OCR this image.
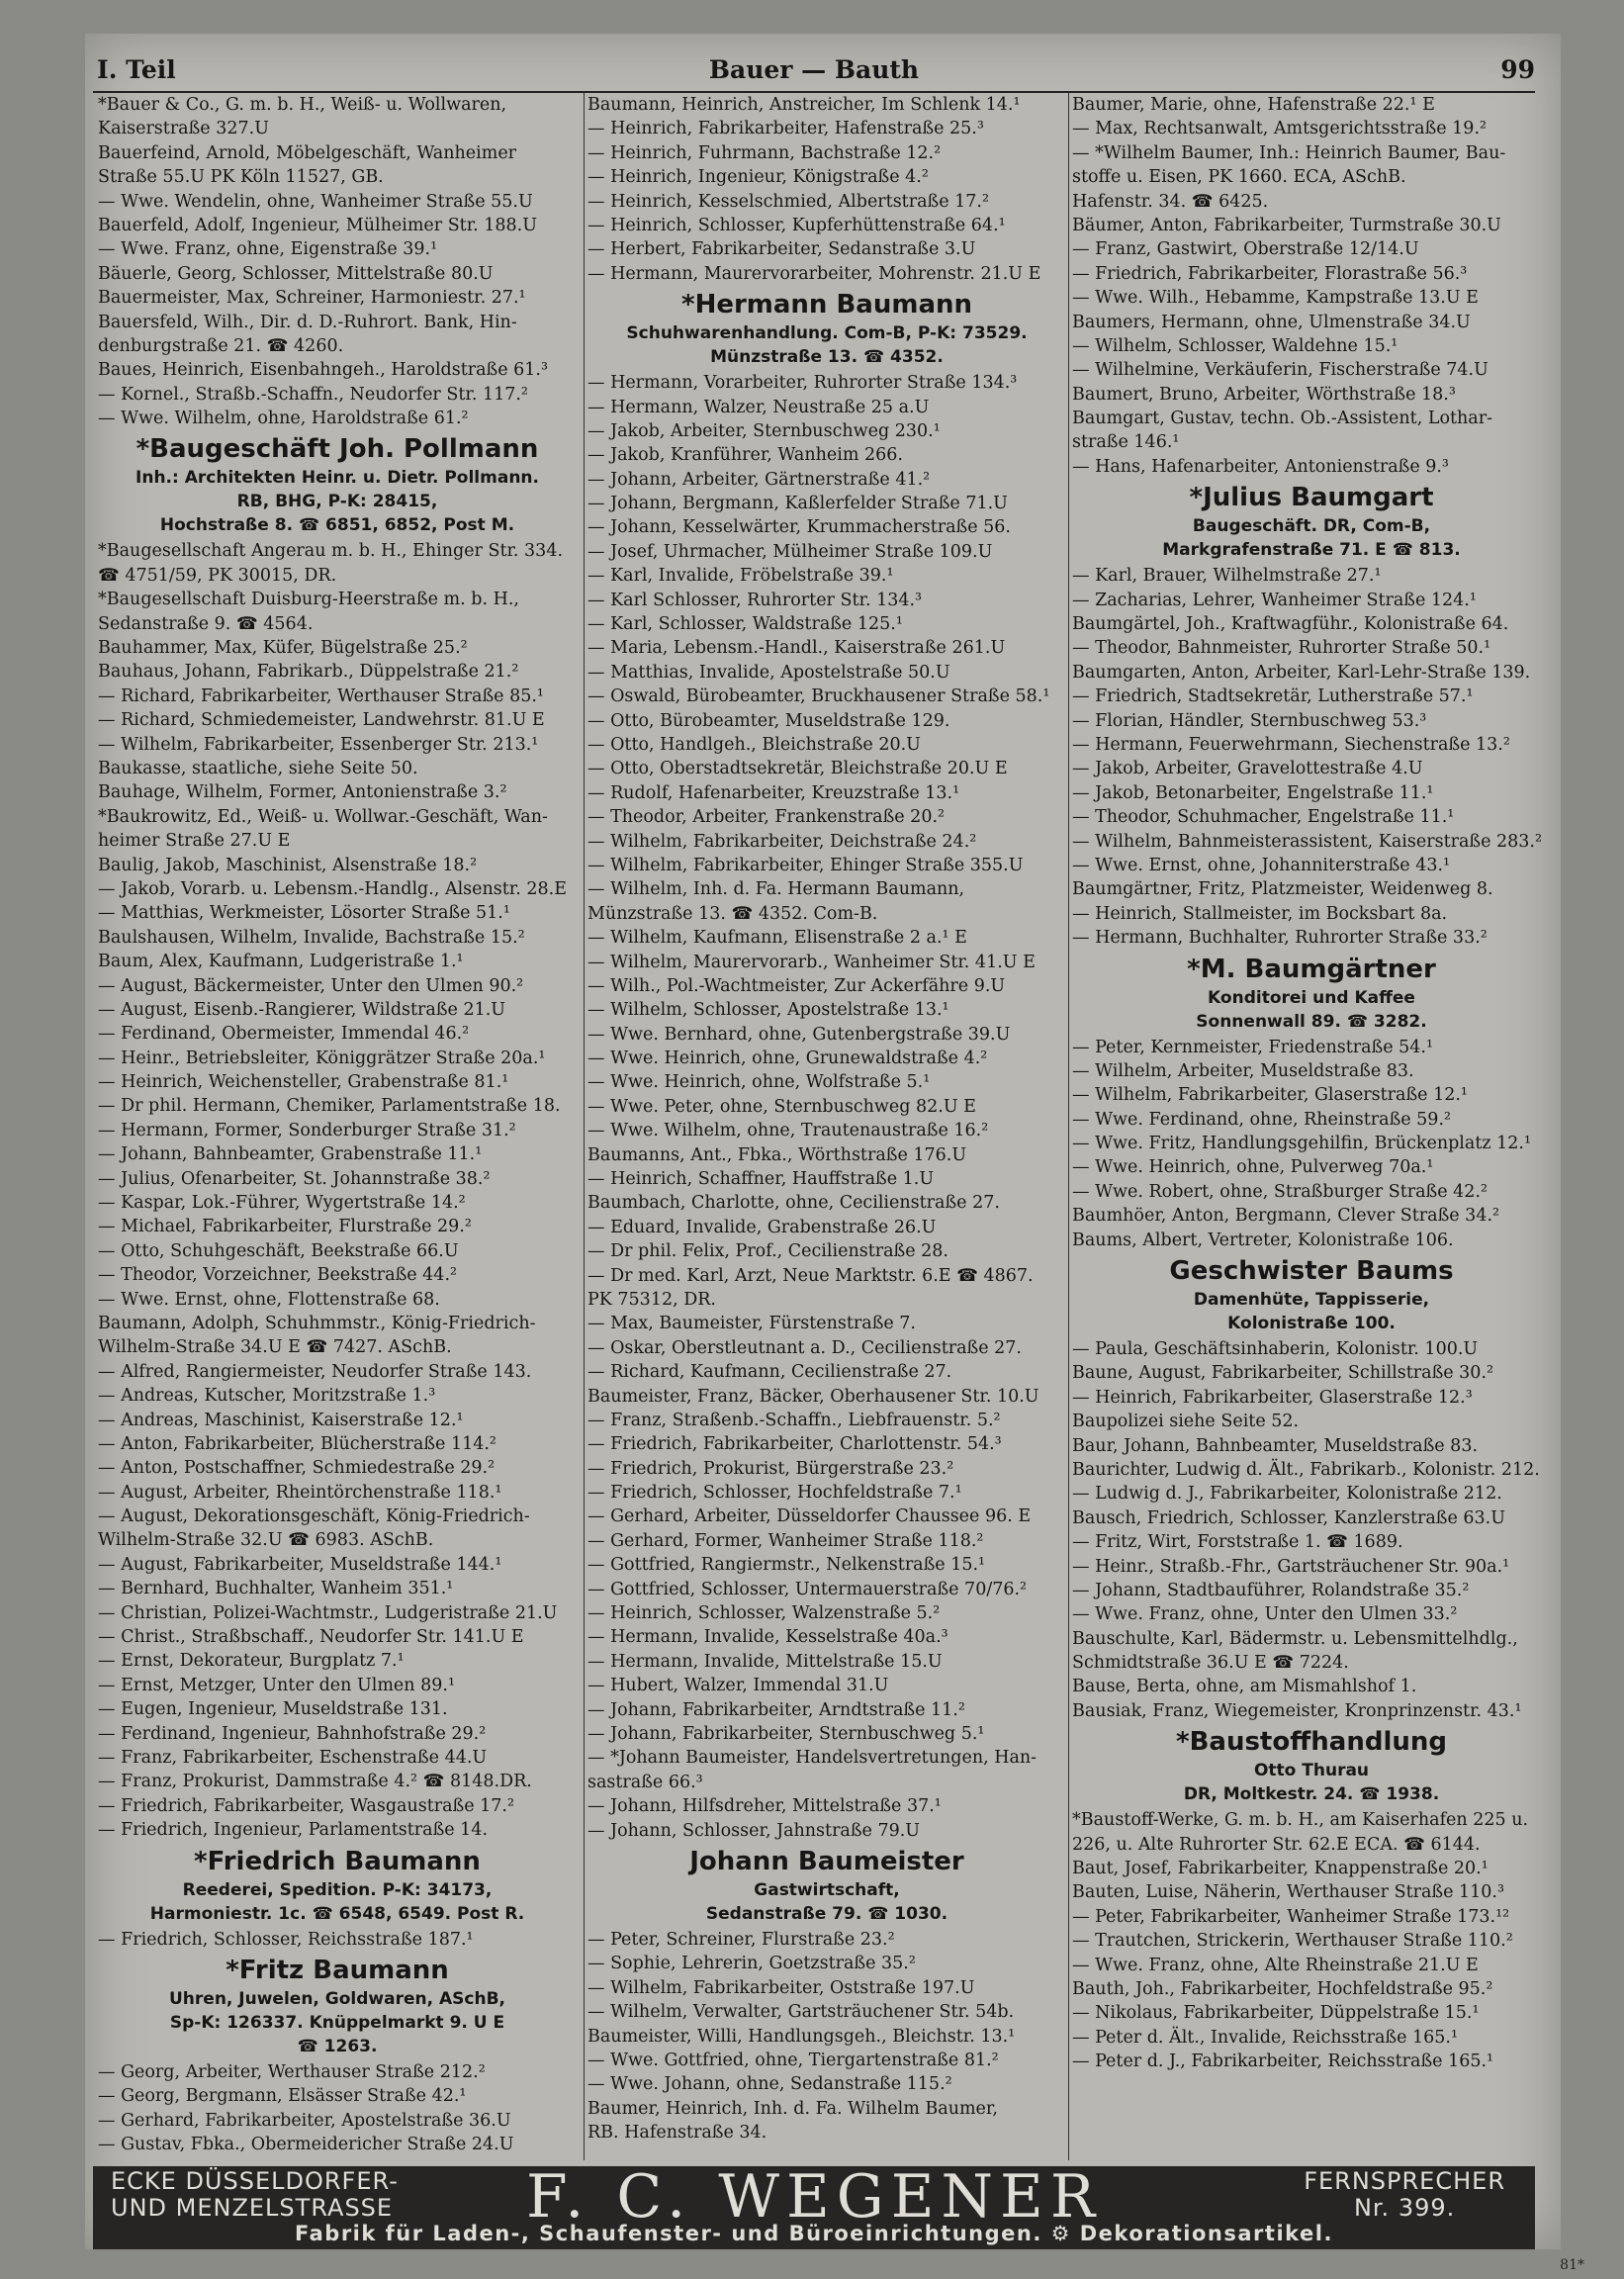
I. Teil	Bauer — Bauth	99
*Bauer & Co., G. m. b. H., Weiß- u. Wollwaren,
Kaiserstraße 327.U
Bauerfeind, Arnold, Möbelgeschäft, Wanheimer
Straße 55.U PK Köln 11527, GB.
— Wwe. Wendelin, ohne, Wanheimer Straße 55.U
Bauerfeld, Adolf, Ingenieur, Mülheimer Str. 188.U
— Wwe. Franz, ohne, Eigenstraße 39.¹
Bäuerle, Georg, Schlosser, Mittelstraße 80.U
Bauermeister, Max, Schreiner, Harmoniestr. 27.¹
Bauersfeld, Wilh., Dir. d. D.-Ruhrort. Bank, Hin-
denburgstraße 21. ☎ 4260.
Baues, Heinrich, Eisenbahngeh., Haroldstraße 61.³
— Kornel., Straßb.-Schaffn., Neudorfer Str. 117.²
— Wwe. Wilhelm, ohne, Haroldstraße 61.²
*Baugeschäft Joh. Pollmann
Inh.: Architekten Heinr. u. Dietr. Pollmann.
RB, BHG, P-K: 28415,
Hochstraße 8. ☎ 6851, 6852, Post M.
*Baugesellschaft Angerau m. b. H., Ehinger Str. 334.
☎ 4751/59, PK 30015, DR.
*Baugesellschaft Duisburg-Heerstraße m. b. H.,
Sedanstraße 9. ☎ 4564.
Bauhammer, Max, Küfer, Bügelstraße 25.²
Bauhaus, Johann, Fabrikarb., Düppelstraße 21.²
— Richard, Fabrikarbeiter, Werthauser Straße 85.¹
— Richard, Schmiedemeister, Landwehrstr. 81.U E
— Wilhelm, Fabrikarbeiter, Essenberger Str. 213.¹
Baukasse, staatliche, siehe Seite 50.
Bauhage, Wilhelm, Former, Antonienstraße 3.²
*Baukrowitz, Ed., Weiß- u. Wollwar.-Geschäft, Wan-
heimer Straße 27.U E
Baulig, Jakob, Maschinist, Alsenstraße 18.²
— Jakob, Vorarb. u. Lebensm.-Handlg., Alsenstr. 28.E
— Matthias, Werkmeister, Lösorter Straße 51.¹
Baulshausen, Wilhelm, Invalide, Bachstraße 15.²
Baum, Alex, Kaufmann, Ludgeristraße 1.¹
— August, Bäckermeister, Unter den Ulmen 90.²
— August, Eisenb.-Rangierer, Wildstraße 21.U
— Ferdinand, Obermeister, Immendal 46.²
— Heinr., Betriebsleiter, Königgrätzer Straße 20a.¹
— Heinrich, Weichensteller, Grabenstraße 81.¹
— Dr phil. Hermann, Chemiker, Parlamentstraße 18.
— Hermann, Former, Sonderburger Straße 31.²
— Johann, Bahnbeamter, Grabenstraße 11.¹
— Julius, Ofenarbeiter, St. Johannstraße 38.²
— Kaspar, Lok.-Führer, Wygertstraße 14.²
— Michael, Fabrikarbeiter, Flurstraße 29.²
— Otto, Schuhgeschäft, Beekstraße 66.U
— Theodor, Vorzeichner, Beekstraße 44.²
— Wwe. Ernst, ohne, Flottenstraße 68.
Baumann, Adolph, Schuhmmstr., König-Friedrich-
Wilhelm-Straße 34.U E ☎ 7427. ASchB.
— Alfred, Rangiermeister, Neudorfer Straße 143.
— Andreas, Kutscher, Moritzstraße 1.³
— Andreas, Maschinist, Kaiserstraße 12.¹
— Anton, Fabrikarbeiter, Blücherstraße 114.²
— Anton, Postschaffner, Schmiedestraße 29.²
— August, Arbeiter, Rheintörchenstraße 118.¹
— August, Dekorationsgeschäft, König-Friedrich-
Wilhelm-Straße 32.U ☎ 6983. ASchB.
— August, Fabrikarbeiter, Museldstraße 144.¹
— Bernhard, Buchhalter, Wanheim 351.¹
— Christian, Polizei-Wachtmstr., Ludgeristraße 21.U
— Christ., Straßbschaff., Neudorfer Str. 141.U E
— Ernst, Dekorateur, Burgplatz 7.¹
— Ernst, Metzger, Unter den Ulmen 89.¹
— Eugen, Ingenieur, Museldstraße 131.
— Ferdinand, Ingenieur, Bahnhofstraße 29.²
— Franz, Fabrikarbeiter, Eschenstraße 44.U
— Franz, Prokurist, Dammstraße 4.² ☎ 8148.DR.
— Friedrich, Fabrikarbeiter, Wasgaustraße 17.²
— Friedrich, Ingenieur, Parlamentstraße 14.
*Friedrich Baumann
Reederei, Spedition. P-K: 34173,
Harmoniestr. 1c. ☎ 6548, 6549. Post R.
— Friedrich, Schlosser, Reichsstraße 187.¹
*Fritz Baumann
Uhren, Juwelen, Goldwaren, ASchB,
Sp-K: 126337. Knüppelmarkt 9. U E
☎ 1263.
— Georg, Arbeiter, Werthauser Straße 212.²
— Georg, Bergmann, Elsässer Straße 42.¹
— Gerhard, Fabrikarbeiter, Apostelstraße 36.U
— Gustav, Fbka., Obermeidericher Straße 24.U
Baumann, Heinrich, Anstreicher, Im Schlenk 14.¹
— Heinrich, Fabrikarbeiter, Hafenstraße 25.³
— Heinrich, Fuhrmann, Bachstraße 12.²
— Heinrich, Ingenieur, Königstraße 4.²
— Heinrich, Kesselschmied, Albertstraße 17.²
— Heinrich, Schlosser, Kupferhüttenstraße 64.¹
— Herbert, Fabrikarbeiter, Sedanstraße 3.U
— Hermann, Maurervorarbeiter, Mohrenstr. 21.U E
*Hermann Baumann
Schuhwarenhandlung. Com-B, P-K: 73529.
Münzstraße 13. ☎ 4352.
— Hermann, Vorarbeiter, Ruhrorter Straße 134.³
— Hermann, Walzer, Neustraße 25 a.U
— Jakob, Arbeiter, Sternbuschweg 230.¹
— Jakob, Kranführer, Wanheim 266.
— Johann, Arbeiter, Gärtnerstraße 41.²
— Johann, Bergmann, Kaßlerfelder Straße 71.U
— Johann, Kesselwärter, Krummacherstraße 56.
— Josef, Uhrmacher, Mülheimer Straße 109.U
— Karl, Invalide, Fröbelstraße 39.¹
— Karl Schlosser, Ruhrorter Str. 134.³
— Karl, Schlosser, Waldstraße 125.¹
— Maria, Lebensm.-Handl., Kaiserstraße 261.U
— Matthias, Invalide, Apostelstraße 50.U
— Oswald, Bürobeamter, Bruckhausener Straße 58.¹
— Otto, Bürobeamter, Museldstraße 129.
— Otto, Handlgeh., Bleichstraße 20.U
— Otto, Oberstadtsekretär, Bleichstraße 20.U E
— Rudolf, Hafenarbeiter, Kreuzstraße 13.¹
— Theodor, Arbeiter, Frankenstraße 20.²
— Wilhelm, Fabrikarbeiter, Deichstraße 24.²
— Wilhelm, Fabrikarbeiter, Ehinger Straße 355.U
— Wilhelm, Inh. d. Fa. Hermann Baumann,
Münzstraße 13. ☎ 4352. Com-B.
— Wilhelm, Kaufmann, Elisenstraße 2 a.¹ E
— Wilhelm, Maurervorarb., Wanheimer Str. 41.U E
— Wilh., Pol.-Wachtmeister, Zur Ackerfähre 9.U
— Wilhelm, Schlosser, Apostelstraße 13.¹
— Wwe. Bernhard, ohne, Gutenbergstraße 39.U
— Wwe. Heinrich, ohne, Grunewaldstraße 4.²
— Wwe. Heinrich, ohne, Wolfstraße 5.¹
— Wwe. Peter, ohne, Sternbuschweg 82.U E
— Wwe. Wilhelm, ohne, Trautenaustraße 16.²
Baumanns, Ant., Fbka., Wörthstraße 176.U
— Heinrich, Schaffner, Hauffstraße 1.U
Baumbach, Charlotte, ohne, Cecilienstraße 27.
— Eduard, Invalide, Grabenstraße 26.U
— Dr phil. Felix, Prof., Cecilienstraße 28.
— Dr med. Karl, Arzt, Neue Marktstr. 6.E ☎ 4867.
PK 75312, DR.
— Max, Baumeister, Fürstenstraße 7.
— Oskar, Oberstleutnant a. D., Cecilienstraße 27.
— Richard, Kaufmann, Cecilienstraße 27.
Baumeister, Franz, Bäcker, Oberhausener Str. 10.U
— Franz, Straßenb.-Schaffn., Liebfrauenstr. 5.²
— Friedrich, Fabrikarbeiter, Charlottenstr. 54.³
— Friedrich, Prokurist, Bürgerstraße 23.²
— Friedrich, Schlosser, Hochfeldstraße 7.¹
— Gerhard, Arbeiter, Düsseldorfer Chaussee 96. E
— Gerhard, Former, Wanheimer Straße 118.²
— Gottfried, Rangiermstr., Nelkenstraße 15.¹
— Gottfried, Schlosser, Untermauerstraße 70/76.²
— Heinrich, Schlosser, Walzenstraße 5.²
— Hermann, Invalide, Kesselstraße 40a.³
— Hermann, Invalide, Mittelstraße 15.U
— Hubert, Walzer, Immendal 31.U
— Johann, Fabrikarbeiter, Arndtstraße 11.²
— Johann, Fabrikarbeiter, Sternbuschweg 5.¹
— *Johann Baumeister, Handelsvertretungen, Han-
sastraße 66.³
— Johann, Hilfsdreher, Mittelstraße 37.¹
— Johann, Schlosser, Jahnstraße 79.U
Johann Baumeister
Gastwirtschaft,
Sedanstraße 79. ☎ 1030.
— Peter, Schreiner, Flurstraße 23.²
— Sophie, Lehrerin, Goetzstraße 35.²
— Wilhelm, Fabrikarbeiter, Oststraße 197.U
— Wilhelm, Verwalter, Gartsträuchener Str. 54b.
Baumeister, Willi, Handlungsgeh., Bleichstr. 13.¹
— Wwe. Gottfried, ohne, Tiergartenstraße 81.²
— Wwe. Johann, ohne, Sedanstraße 115.²
Baumer, Heinrich, Inh. d. Fa. Wilhelm Baumer,
RB. Hafenstraße 34.
Baumer, Marie, ohne, Hafenstraße 22.¹ E
— Max, Rechtsanwalt, Amtsgerichtsstraße 19.²
— *Wilhelm Baumer, Inh.: Heinrich Baumer, Bau-
stoffe u. Eisen, PK 1660. ECA, ASchB.
Hafenstr. 34. ☎ 6425.
Bäumer, Anton, Fabrikarbeiter, Turmstraße 30.U
— Franz, Gastwirt, Oberstraße 12/14.U
— Friedrich, Fabrikarbeiter, Florastraße 56.³
— Wwe. Wilh., Hebamme, Kampstraße 13.U E
Baumers, Hermann, ohne, Ulmenstraße 34.U
— Wilhelm, Schlosser, Waldehne 15.¹
— Wilhelmine, Verkäuferin, Fischerstraße 74.U
Baumert, Bruno, Arbeiter, Wörthstraße 18.³
Baumgart, Gustav, techn. Ob.-Assistent, Lothar-
straße 146.¹
— Hans, Hafenarbeiter, Antonienstraße 9.³
*Julius Baumgart
Baugeschäft. DR, Com-B,
Markgrafenstraße 71. E ☎ 813.
— Karl, Brauer, Wilhelmstraße 27.¹
— Zacharias, Lehrer, Wanheimer Straße 124.¹
Baumgärtel, Joh., Kraftwagführ., Kolonistraße 64.
— Theodor, Bahnmeister, Ruhrorter Straße 50.¹
Baumgarten, Anton, Arbeiter, Karl-Lehr-Straße 139.
— Friedrich, Stadtsekretär, Lutherstraße 57.¹
— Florian, Händler, Sternbuschweg 53.³
— Hermann, Feuerwehrmann, Siechenstraße 13.²
— Jakob, Arbeiter, Gravelottestraße 4.U
— Jakob, Betonarbeiter, Engelstraße 11.¹
— Theodor, Schuhmacher, Engelstraße 11.¹
— Wilhelm, Bahnmeisterassistent, Kaiserstraße 283.²
— Wwe. Ernst, ohne, Johanniterstraße 43.¹
Baumgärtner, Fritz, Platzmeister, Weidenweg 8.
— Heinrich, Stallmeister, im Bocksbart 8a.
— Hermann, Buchhalter, Ruhrorter Straße 33.²
*M. Baumgärtner
Konditorei und Kaffee
Sonnenwall 89. ☎ 3282.
— Peter, Kernmeister, Friedenstraße 54.¹
— Wilhelm, Arbeiter, Museldstraße 83.
— Wilhelm, Fabrikarbeiter, Glaserstraße 12.¹
— Wwe. Ferdinand, ohne, Rheinstraße 59.²
— Wwe. Fritz, Handlungsgehilfin, Brückenplatz 12.¹
— Wwe. Heinrich, ohne, Pulverweg 70a.¹
— Wwe. Robert, ohne, Straßburger Straße 42.²
Baumhöer, Anton, Bergmann, Clever Straße 34.²
Baums, Albert, Vertreter, Kolonistraße 106.
Geschwister Baums
Damenhüte, Tappisserie,
Kolonistraße 100.
— Paula, Geschäftsinhaberin, Kolonistr. 100.U
Baune, August, Fabrikarbeiter, Schillstraße 30.²
— Heinrich, Fabrikarbeiter, Glaserstraße 12.³
Baupolizei siehe Seite 52.
Baur, Johann, Bahnbeamter, Museldstraße 83.
Baurichter, Ludwig d. Ält., Fabrikarb., Kolonistr. 212.
— Ludwig d. J., Fabrikarbeiter, Kolonistraße 212.
Bausch, Friedrich, Schlosser, Kanzlerstraße 63.U
— Fritz, Wirt, Forststraße 1. ☎ 1689.
— Heinr., Straßb.-Fhr., Gartsträuchener Str. 90a.¹
— Johann, Stadtbauführer, Rolandstraße 35.²
— Wwe. Franz, ohne, Unter den Ulmen 33.²
Bauschulte, Karl, Bädermstr. u. Lebensmittelhdlg.,
Schmidtstraße 36.U E ☎ 7224.
Bause, Berta, ohne, am Mismahlshof 1.
Bausiak, Franz, Wiegemeister, Kronprinzenstr. 43.¹
*Baustoffhandlung
Otto Thurau
DR, Moltkestr. 24. ☎ 1938.
*Baustoff-Werke, G. m. b. H., am Kaiserhafen 225 u.
226, u. Alte Ruhrorter Str. 62.E ECA. ☎ 6144.
Baut, Josef, Fabrikarbeiter, Knappenstraße 20.¹
Bauten, Luise, Näherin, Werthauser Straße 110.³
— Peter, Fabrikarbeiter, Wanheimer Straße 173.¹²
— Trautchen, Strickerin, Werthauser Straße 110.²
— Wwe. Franz, ohne, Alte Rheinstraße 21.U E
Bauth, Joh., Fabrikarbeiter, Hochfeldstraße 95.²
— Nikolaus, Fabrikarbeiter, Düppelstraße 15.¹
— Peter d. Ält., Invalide, Reichsstraße 165.¹
— Peter d. J., Fabrikarbeiter, Reichsstraße 165.¹
ECKE DÜSSELDORFER-
UND MENZELSTRASSE	F. C. WEGENER	FERNSPRECHER
Nr. 399.
Fabrik für Laden-, Schaufenster- und Büroeinrichtungen. ⚙ Dekorationsartikel.
81*
